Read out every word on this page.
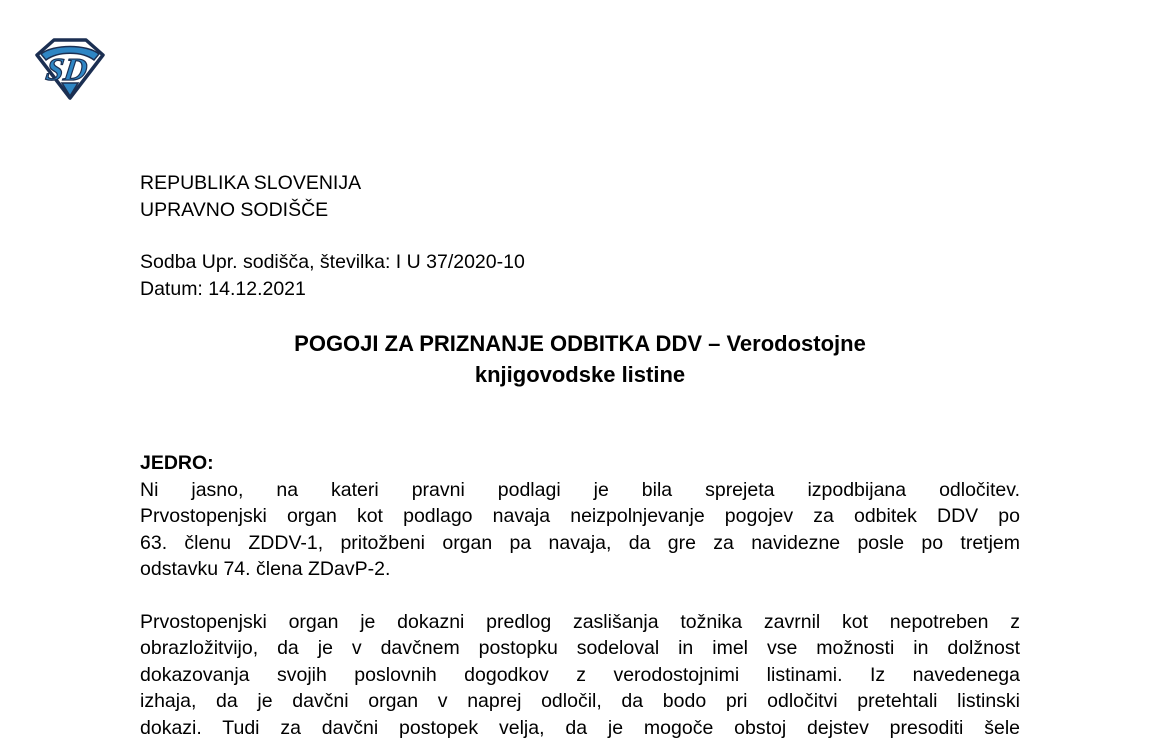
SD
REPUBLIKA SLOVENIJA
UPRAVNO SODIŠČE
Sodba Upr. sodišča, številka: I U 37/2020-10
Datum: 14.12.2021
POGOJI ZA PRIZNANJE ODBITKA DDV – Verodostojne
knjigovodske listine
JEDRO:
Ni jasno, na kateri pravni podlagi je bila sprejeta izpodbijana odločitev.
Prvostopenjski organ kot podlago navaja neizpolnjevanje pogojev za odbitek DDV po
63. členu ZDDV-1, pritožbeni organ pa navaja, da gre za navidezne posle po tretjem
odstavku 74. člena ZDavP-2.
Prvostopenjski organ je dokazni predlog zaslišanja tožnika zavrnil kot nepotreben z
obrazložitvijo, da je v davčnem postopku sodeloval in imel vse možnosti in dolžnost
dokazovanja svojih poslovnih dogodkov z verodostojnimi listinami. Iz navedenega
izhaja, da je davčni organ v naprej odločil, da bodo pri odločitvi pretehtali listinski
dokazi. Tudi za davčni postopek velja, da je mogoče obstoj dejstev presoditi šele
